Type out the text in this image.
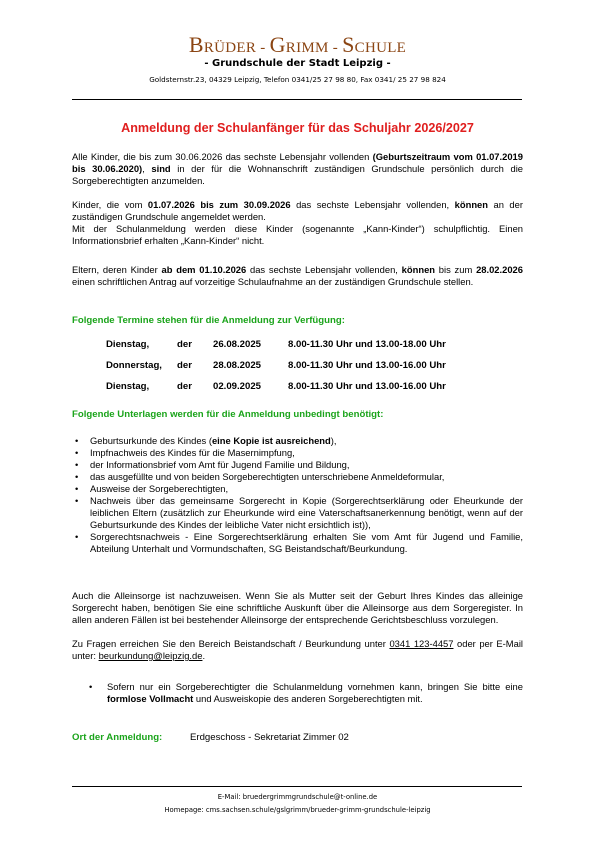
BRÜDER - GRIMM - SCHULE
- Grundschule der Stadt Leipzig -
Goldsternstr.23, 04329 Leipzig, Telefon 0341/25 27 98 80, Fax 0341/ 25 27 98 824
Anmeldung der Schulanfänger für das Schuljahr 2026/2027

Alle Kinder, die bis zum 30.06.2026 das sechste Lebensjahr vollenden (Geburtszeitraum vom 01.07.2019 bis 30.06.2020), sind in der für die Wohnanschrift zuständigen Grundschule persönlich durch die Sorgeberechtigten anzumelden.

Kinder, die vom 01.07.2026 bis zum 30.09.2026 das sechste Lebensjahr vollenden, können an der zuständigen Grundschule angemeldet werden.
Mit der Schulanmeldung werden diese Kinder (sogenannte „Kann-Kinder“) schulpflichtig. Einen Informationsbrief erhalten „Kann-Kinder“ nicht.

Eltern, deren Kinder ab dem 01.10.2026 das sechste Lebensjahr vollenden, können bis zum 28.02.2026 einen schriftlichen Antrag auf vorzeitige Schulaufnahme an der zuständigen Grundschule stellen.

Folgende Termine stehen für die Anmeldung zur Verfügung:

Dienstag,	der	26.08.2025	8.00-11.30 Uhr und 13.00-18.00 Uhr
Donnerstag,	der	28.08.2025	8.00-11.30 Uhr und 13.00-16.00 Uhr
Dienstag,	der	02.09.2025	8.00-11.30 Uhr und 13.00-16.00 Uhr

Folgende Unterlagen werden für die Anmeldung unbedingt benötigt:

• Geburtsurkunde des Kindes (eine Kopie ist ausreichend),
• Impfnachweis des Kindes für die Masernimpfung,
• der Informationsbrief vom Amt für Jugend Familie und Bildung,
• das ausgefüllte und von beiden Sorgeberechtigten unterschriebene Anmeldeformular,
• Ausweise der Sorgeberechtigten,
• Nachweis über das gemeinsame Sorgerecht in Kopie (Sorgerechtserklärung oder Eheurkunde der leiblichen Eltern (zusätzlich zur Eheurkunde wird eine Vaterschaftsanerkennung benötigt, wenn auf der Geburtsurkunde des Kindes der leibliche Vater nicht ersichtlich ist)),
• Sorgerechtsnachweis - Eine Sorgerechtserklärung erhalten Sie vom Amt für Jugend und Familie, Abteilung Unterhalt und Vormundschaften, SG Beistandschaft/Beurkundung.

Auch die Alleinsorge ist nachzuweisen. Wenn Sie als Mutter seit der Geburt Ihres Kindes das alleinige Sorgerecht haben, benötigen Sie eine schriftliche Auskunft über die Alleinsorge aus dem Sorgeregister. In allen anderen Fällen ist bei bestehender Alleinsorge der entsprechende Gerichtsbeschluss vorzulegen.

Zu Fragen erreichen Sie den Bereich Beistandschaft / Beurkundung unter 0341 123-4457 oder per E-Mail unter: beurkundung@leipzig.de.

•	Sofern nur ein Sorgeberechtigter die Schulanmeldung vornehmen kann, bringen Sie bitte eine formlose Vollmacht und Ausweiskopie des anderen Sorgeberechtigten mit.
Ort der Anmeldung:	Erdgeschoss - Sekretariat Zimmer 02
E-Mail: bruedergrimmgrundschule@t-online.de
Homepage: cms.sachsen.schule/gslgrimm/brueder-grimm-grundschule-leipzig
